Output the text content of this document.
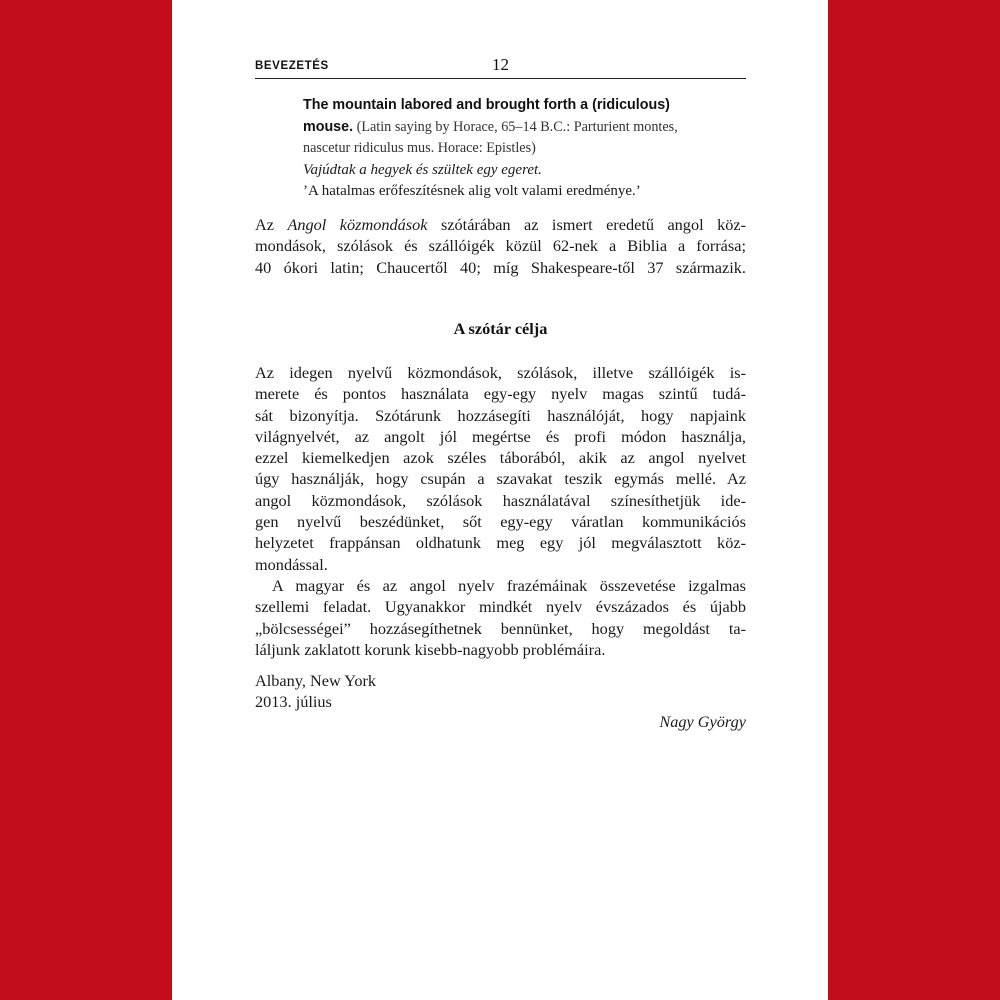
BEVEZETÉS	12
The mountain labored and brought forth a (ridiculous)
mouse. (Latin saying by Horace, 65–14 B.C.: Parturient montes,
nascetur ridiculus mus. Horace: Epistles)
Vajúdtak a hegyek és szültek egy egeret.
’A hatalmas erőfeszítésnek alig volt valami eredménye.’
Az Angol közmondások szótárában az ismert eredetű angol köz-
mondások, szólások és szállóigék közül 62-nek a Biblia a forrása;
40 ókori latin; Chaucertől 40; míg Shakespeare-től 37 származik.
A szótár célja
Az idegen nyelvű közmondások, szólások, illetve szállóigék is-
merete és pontos használata egy-egy nyelv magas szintű tudá-
sát bizonyítja. Szótárunk hozzásegíti használóját, hogy napjaink
világnyelvét, az angolt jól megértse és profi módon használja,
ezzel kiemelkedjen azok széles táborából, akik az angol nyelvet
úgy használják, hogy csupán a szavakat teszik egymás mellé. Az
angol közmondások, szólások használatával színesíthetjük ide-
gen nyelvű beszédünket, sőt egy-egy váratlan kommunikációs
helyzetet frappánsan oldhatunk meg egy jól megválasztott köz-
mondással.
A magyar és az angol nyelv frazémáinak összevetése izgalmas
szellemi feladat. Ugyanakkor mindkét nyelv évszázados és újabb
„bölcsességei” hozzásegíthetnek bennünket, hogy megoldást ta-
láljunk zaklatott korunk kisebb-nagyobb problémáira.
Albany, New York
2013. július
Nagy György
